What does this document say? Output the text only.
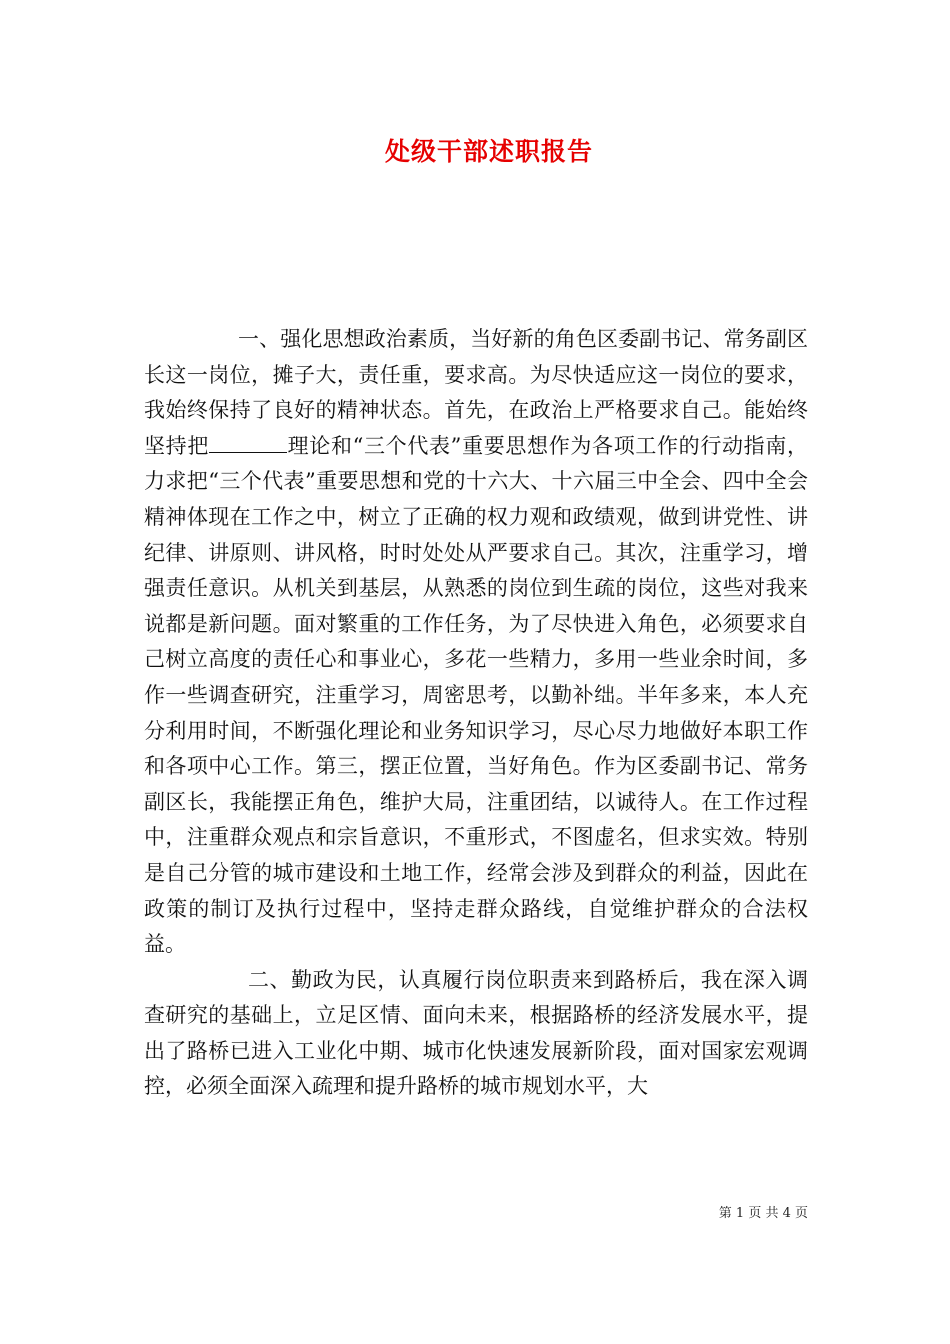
处级干部述职报告

一、强化思想政治素质，当好新的角色区委副书记、常务副区长这一岗位，摊子大，责任重，要求高。为尽快适应这一岗位的要求，我始终保持了良好的精神状态。首先，在政治上严格要求自己。能始终坚持把	理论和“三个代表”重要思想作为各项工作的行动指南，力求把“三个代表”重要思想和党的十六大、十六届三中全会、四中全会精神体现在工作之中，树立了正确的权力观和政绩观，做到讲党性、讲纪律、讲原则、讲风格，时时处处从严要求自己。其次，注重学习，增强责任意识。从机关到基层，从熟悉的岗位到生疏的岗位，这些对我来说都是新问题。面对繁重的工作任务，为了尽快进入角色，必须要求自己树立高度的责任心和事业心，多花一些精力，多用一些业余时间，多作一些调查研究，注重学习，周密思考，以勤补绌。半年多来，本人充分利用时间，不断强化理论和业务知识学习，尽心尽力地做好本职工作和各项中心工作。第三，摆正位置，当好角色。作为区委副书记、常务副区长，我能摆正角色，维护大局，注重团结，以诚待人。在工作过程中，注重群众观点和宗旨意识，不重形式，不图虚名，但求实效。特别是自己分管的城市建设和土地工作，经常会涉及到群众的利益，因此在政策的制订及执行过程中，坚持走群众路线，自觉维护群众的合法权益。

二、勤政为民，认真履行岗位职责来到路桥后，我在深入调查研究的基础上，立足区情、面向未来，根据路桥的经济发展水平，提出了路桥已进入工业化中期、城市化快速发展新阶段，面对国家宏观调控，必须全面深入疏理和提升路桥的城市规划水平，大

第 1 页 共 4 页
